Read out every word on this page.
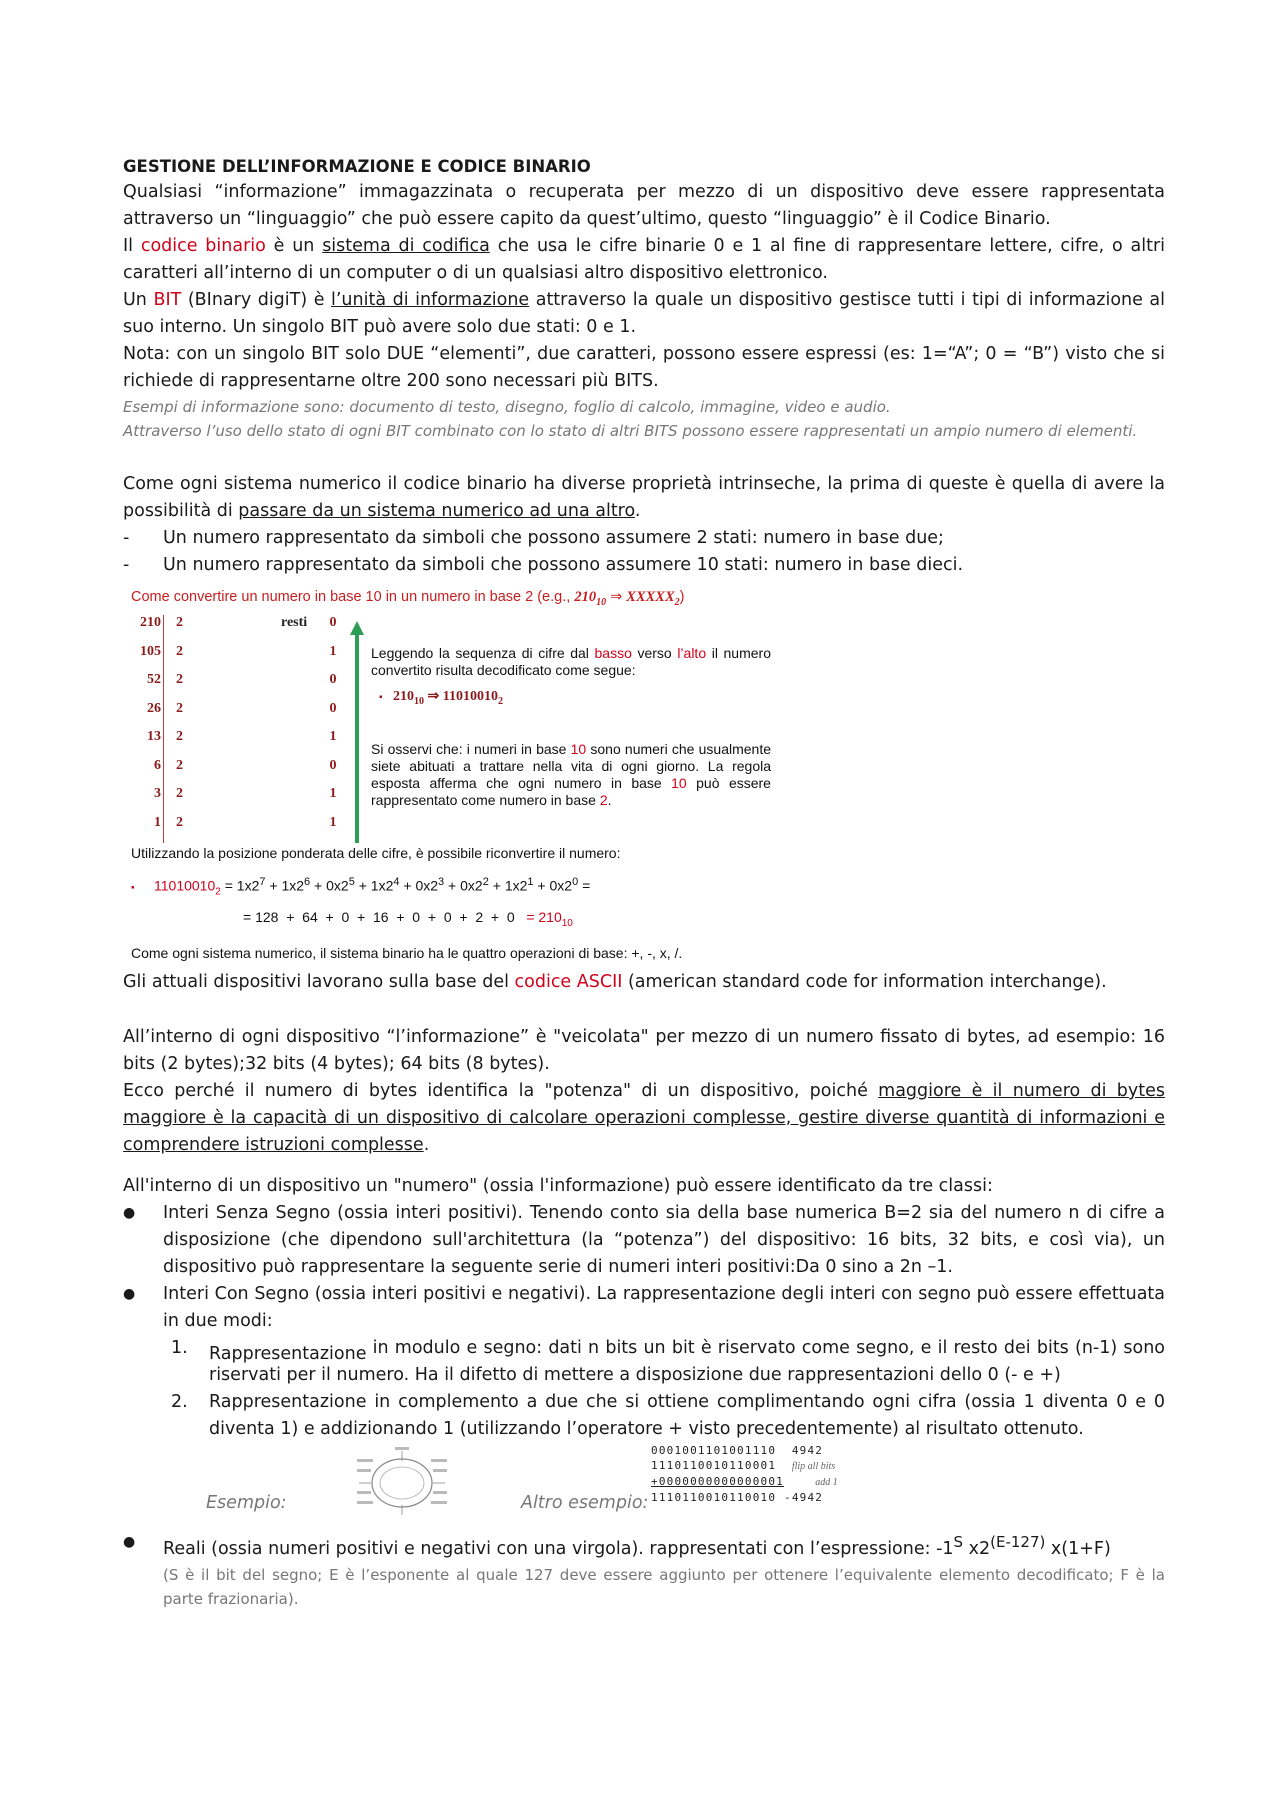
GESTIONE DELL’INFORMAZIONE E CODICE BINARIO

Qualsiasi “informazione” immagazzinata o recuperata per mezzo di un dispositivo deve essere rappresentata attraverso un “linguaggio” che può essere capito da quest’ultimo, questo “linguaggio” è il Codice Binario.

Il codice binario è un sistema di codifica che usa le cifre binarie 0 e 1 al fine di rappresentare lettere, cifre, o altri caratteri all’interno di un computer o di un qualsiasi altro dispositivo elettronico.

Un BIT (BInary digiT) è l’unità di informazione attraverso la quale un dispositivo gestisce tutti i tipi di informazione al suo interno. Un singolo BIT può avere solo due stati: 0 e 1.

Nota: con un singolo BIT solo DUE “elementi”, due caratteri, possono essere espressi (es: 1=“A”; 0 = “B”) visto che si richiede di rappresentarne oltre 200 sono necessari più BITS.

Esempi di informazione sono: documento di testo, disegno, foglio di calcolo, immagine, video e audio.

Attraverso l’uso dello stato di ogni BIT combinato con lo stato di altri BITS possono essere rappresentati un ampio numero di elementi.

Come ogni sistema numerico il codice binario ha diverse proprietà intrinseche, la prima di queste è quella di avere la possibilità di passare da un sistema numerico ad una altro.

-	Un numero rappresentato da simboli che possono assumere 2 stati: numero in base due;
-	Un numero rappresentato da simboli che possono assumere 10 stati: numero in base dieci.
Come convertire un numero in base 10 in un numero in base 2 (e.g., $210_{10}$ ⇒ $XXXXX_2$)
210 2	resti	0
105 2	1
52 2	0
26 2	0
13 2	1
6 2	0
3 2	1
1 2	1
Leggendo la sequenza di cifre dal basso verso l’alto il numero convertito risulta decodificato come segue:
▪ $210_{10}$ ⇒ $11010010_2$
Si osservi che: i numeri in base 10 sono numeri che usualmente siete abituati a trattare nella vita di ogni giorno. La regola esposta afferma che ogni numero in base 10 può essere rappresentato come numero in base 2.
Utilizzando la posizione ponderata delle cifre, è possibile riconvertire il numero:
▪ $11010010_2 = 1x2^7 + 1x2^6 + 0x2^5 + 1x2^4 + 0x2^3 + 0x2^2 + 1x2^1 + 0x2^0$ =
= $128 + 64 + 0 + 16 + 0 + 0 + 2 + 0 = 210_{10}$
Come ogni sistema numerico, il sistema binario ha le quattro operazioni di base: +, -, x, /.

Gli attuali dispositivi lavorano sulla base del codice ASCII (american standard code for information interchange).

All’interno di ogni dispositivo “l’informazione” è "veicolata" per mezzo di un numero fissato di bytes, ad esempio: 16 bits (2 bytes);32 bits (4 bytes); 64 bits (8 bytes).

Ecco perché il numero di bytes identifica la "potenza" di un dispositivo, poiché maggiore è il numero di bytes maggiore è la capacità di un dispositivo di calcolare operazioni complesse, gestire diverse quantità di informazioni e comprendere istruzioni complesse.

All'interno di un dispositivo un "numero" (ossia l'informazione) può essere identificato da tre classi:

●	Interi Senza Segno (ossia interi positivi). Tenendo conto sia della base numerica B=2 sia del numero n di cifre a disposizione (che dipendono sull'architettura (la “potenza”) del dispositivo: 16 bits, 32 bits, e così via), un dispositivo può rappresentare la seguente serie di numeri interi positivi:Da 0 sino a 2n –1.
●	Interi Con Segno (ossia interi positivi e negativi). La rappresentazione degli interi con segno può essere effettuata in due modi:
1.	Rappresentazione in modulo e segno: dati n bits un bit è riservato come segno, e il resto dei bits (n-1) sono riservati per il numero. Ha il difetto di mettere a disposizione due rappresentazioni dello 0 (- e +)
2.	Rappresentazione in complemento a due che si ottiene complimentando ogni cifra (ossia 1 diventa 0 e 0 diventa 1) e addizionando 1 (utilizzando l’operatore + visto precedentemente) al risultato ottenuto.
Esempio:	Altro esempio:
0001001101001110 4942
1110110010110001 flip all bits
+0000000000000001	add 1
1110110010110010 -4942
●	Reali (ossia numeri positivi e negativi con una virgola). rappresentati con l’espressione: $-1^S$ $x2^{(E-127)}$ x(1+F)

(S è il bit del segno; E è l’esponente al quale 127 deve essere aggiunto per ottenere l’equivalente elemento decodificato; F è la parte frazionaria).
